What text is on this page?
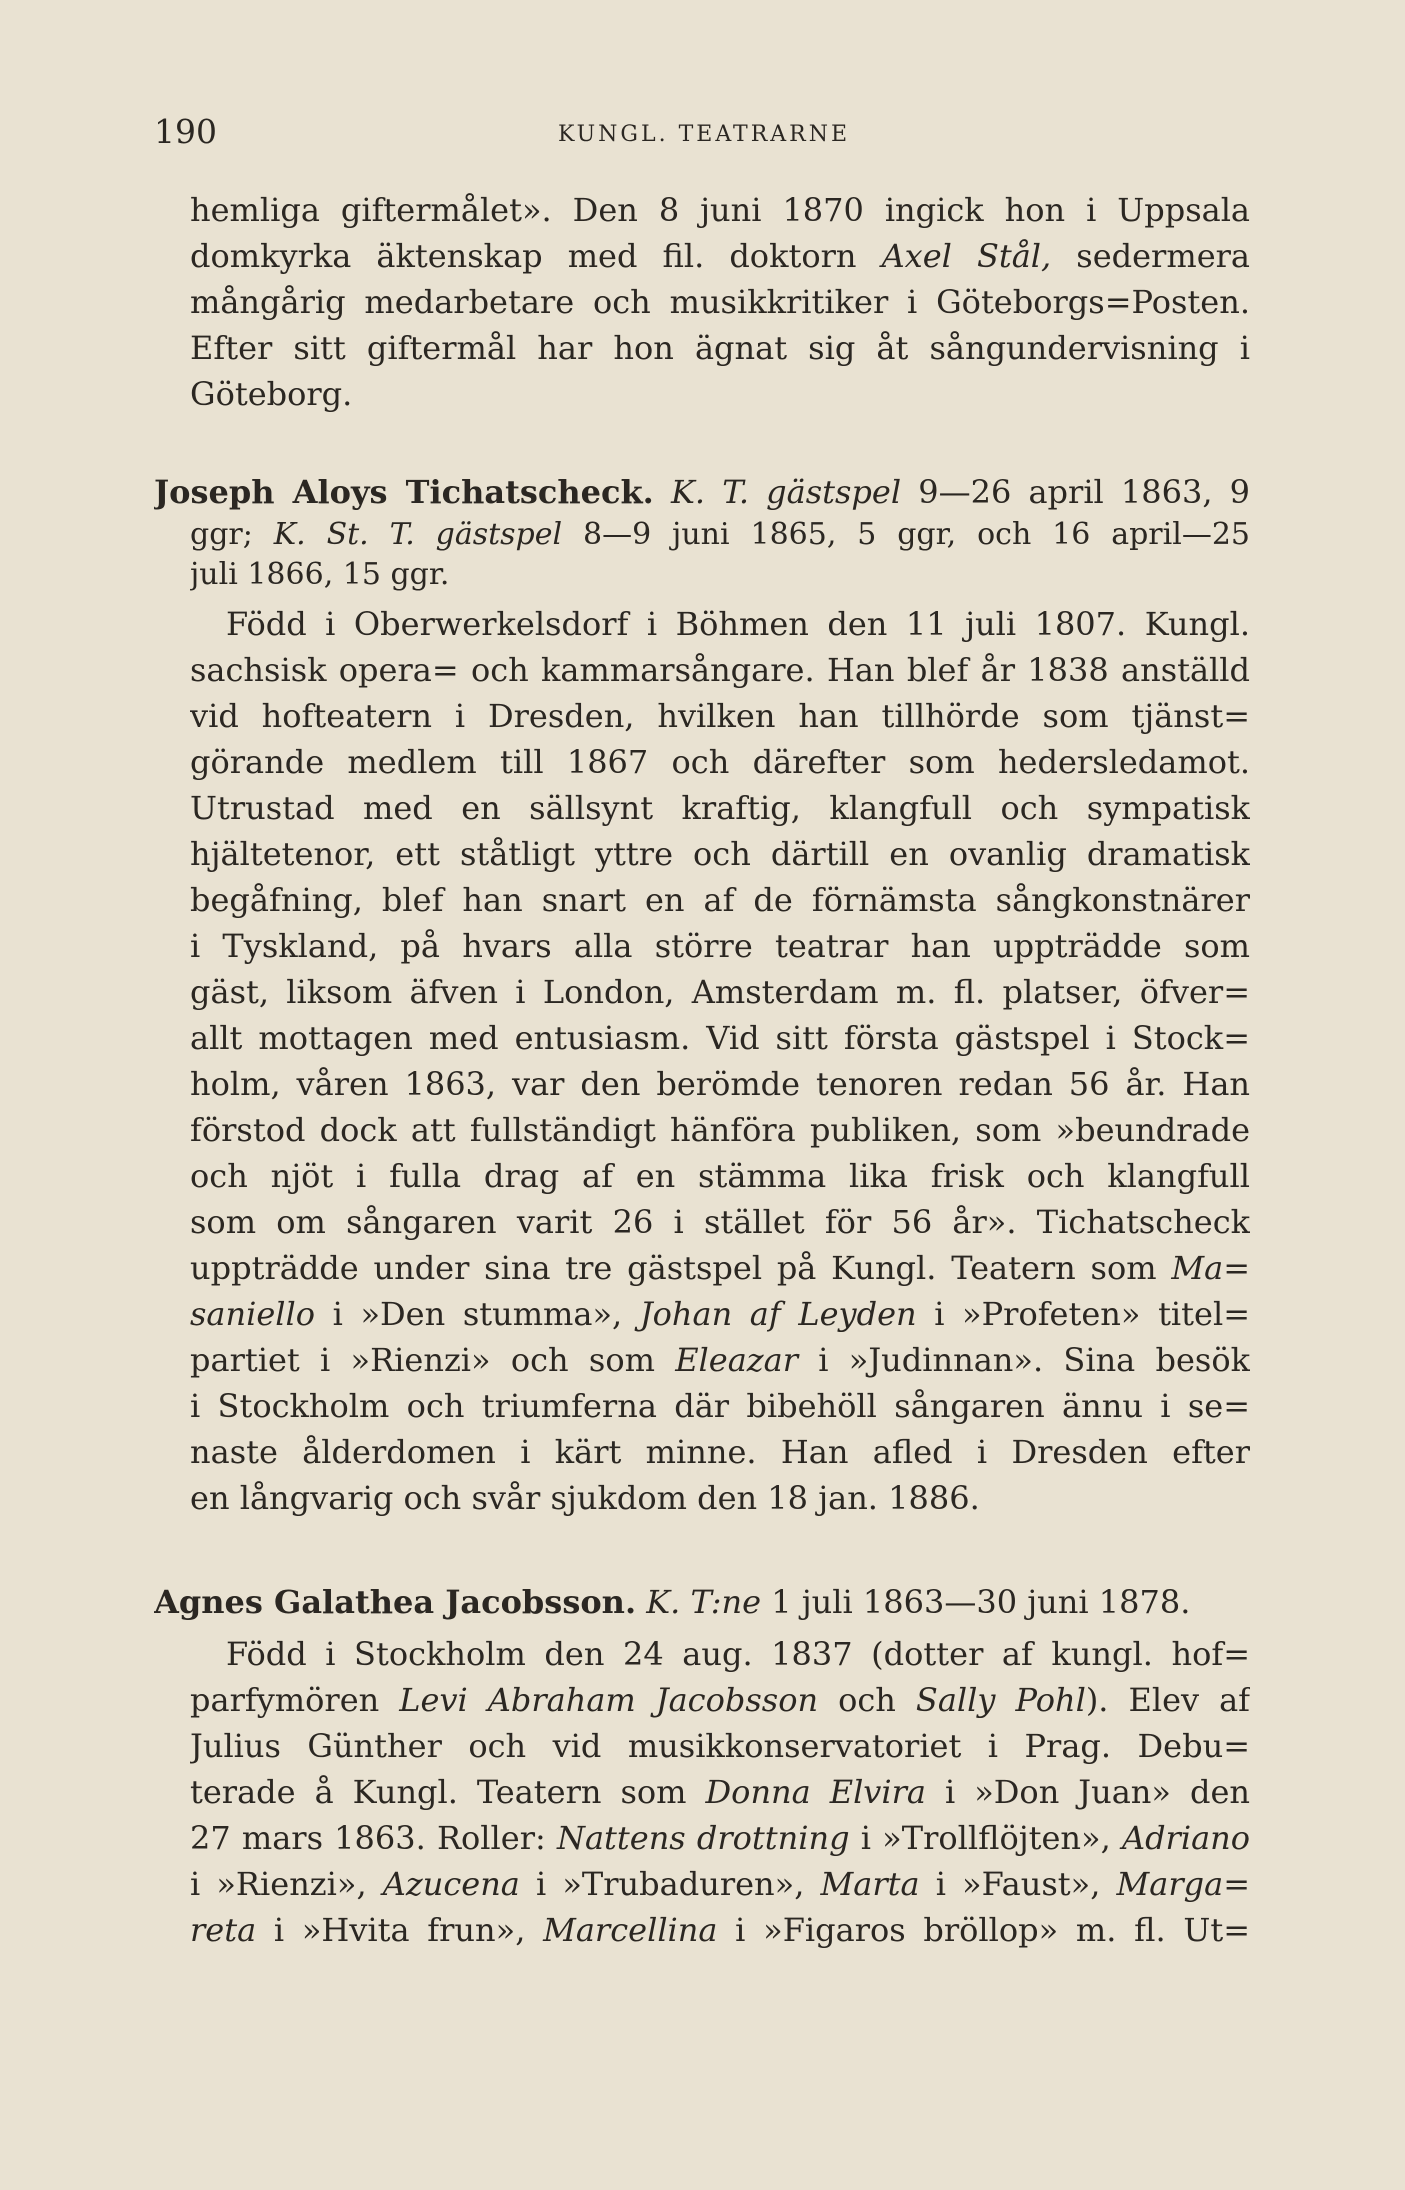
190	KUNGL. TEATRARNE
hemliga giftermålet». Den 8 juni 1870 ingick hon i Uppsala
domkyrka äktenskap med fil. doktorn Axel Stål, sedermera
mångårig medarbetare och musikkritiker i Göteborgs=Posten.
Efter sitt giftermål har hon ägnat sig åt sångundervisning i
Göteborg.
Joseph Aloys Tichatscheck. K. T. gästspel 9—26 april 1863, 9
ggr; K. St. T. gästspel 8—9 juni 1865, 5 ggr, och 16 april—25
juli 1866, 15 ggr.
Född i Oberwerkelsdorf i Böhmen den 11 juli 1807. Kungl.
sachsisk opera= och kammarsångare. Han blef år 1838 anställd
vid hofteatern i Dresden, hvilken han tillhörde som tjänst=
görande medlem till 1867 och därefter som hedersledamot.
Utrustad med en sällsynt kraftig, klangfull och sympatisk
hjältetenor, ett ståtligt yttre och därtill en ovanlig dramatisk
begåfning, blef han snart en af de förnämsta sångkonstnärer
i Tyskland, på hvars alla större teatrar han uppträdde som
gäst, liksom äfven i London, Amsterdam m. fl. platser, öfver=
allt mottagen med entusiasm. Vid sitt första gästspel i Stock=
holm, våren 1863, var den berömde tenoren redan 56 år. Han
förstod dock att fullständigt hänföra publiken, som »beundrade
och njöt i fulla drag af en stämma lika frisk och klangfull
som om sångaren varit 26 i stället för 56 år». Tichatscheck
uppträdde under sina tre gästspel på Kungl. Teatern som Ma=
saniello i »Den stumma», Johan af Leyden i »Profeten» titel=
partiet i »Rienzi» och som Eleazar i »Judinnan». Sina besök
i Stockholm och triumferna där bibehöll sångaren ännu i se=
naste ålderdomen i kärt minne. Han afled i Dresden efter
en långvarig och svår sjukdom den 18 jan. 1886.
Agnes Galathea Jacobsson. K. T:ne 1 juli 1863—30 juni 1878.
Född i Stockholm den 24 aug. 1837 (dotter af kungl. hof=
parfymören Levi Abraham Jacobsson och Sally Pohl). Elev af
Julius Günther och vid musikkonservatoriet i Prag. Debu=
terade å Kungl. Teatern som Donna Elvira i »Don Juan» den
27 mars 1863. Roller: Nattens drottning i »Trollflöjten», Adriano
i »Rienzi», Azucena i »Trubaduren», Marta i »Faust», Marga=
reta i »Hvita frun», Marcellina i »Figaros bröllop» m. fl. Ut=
